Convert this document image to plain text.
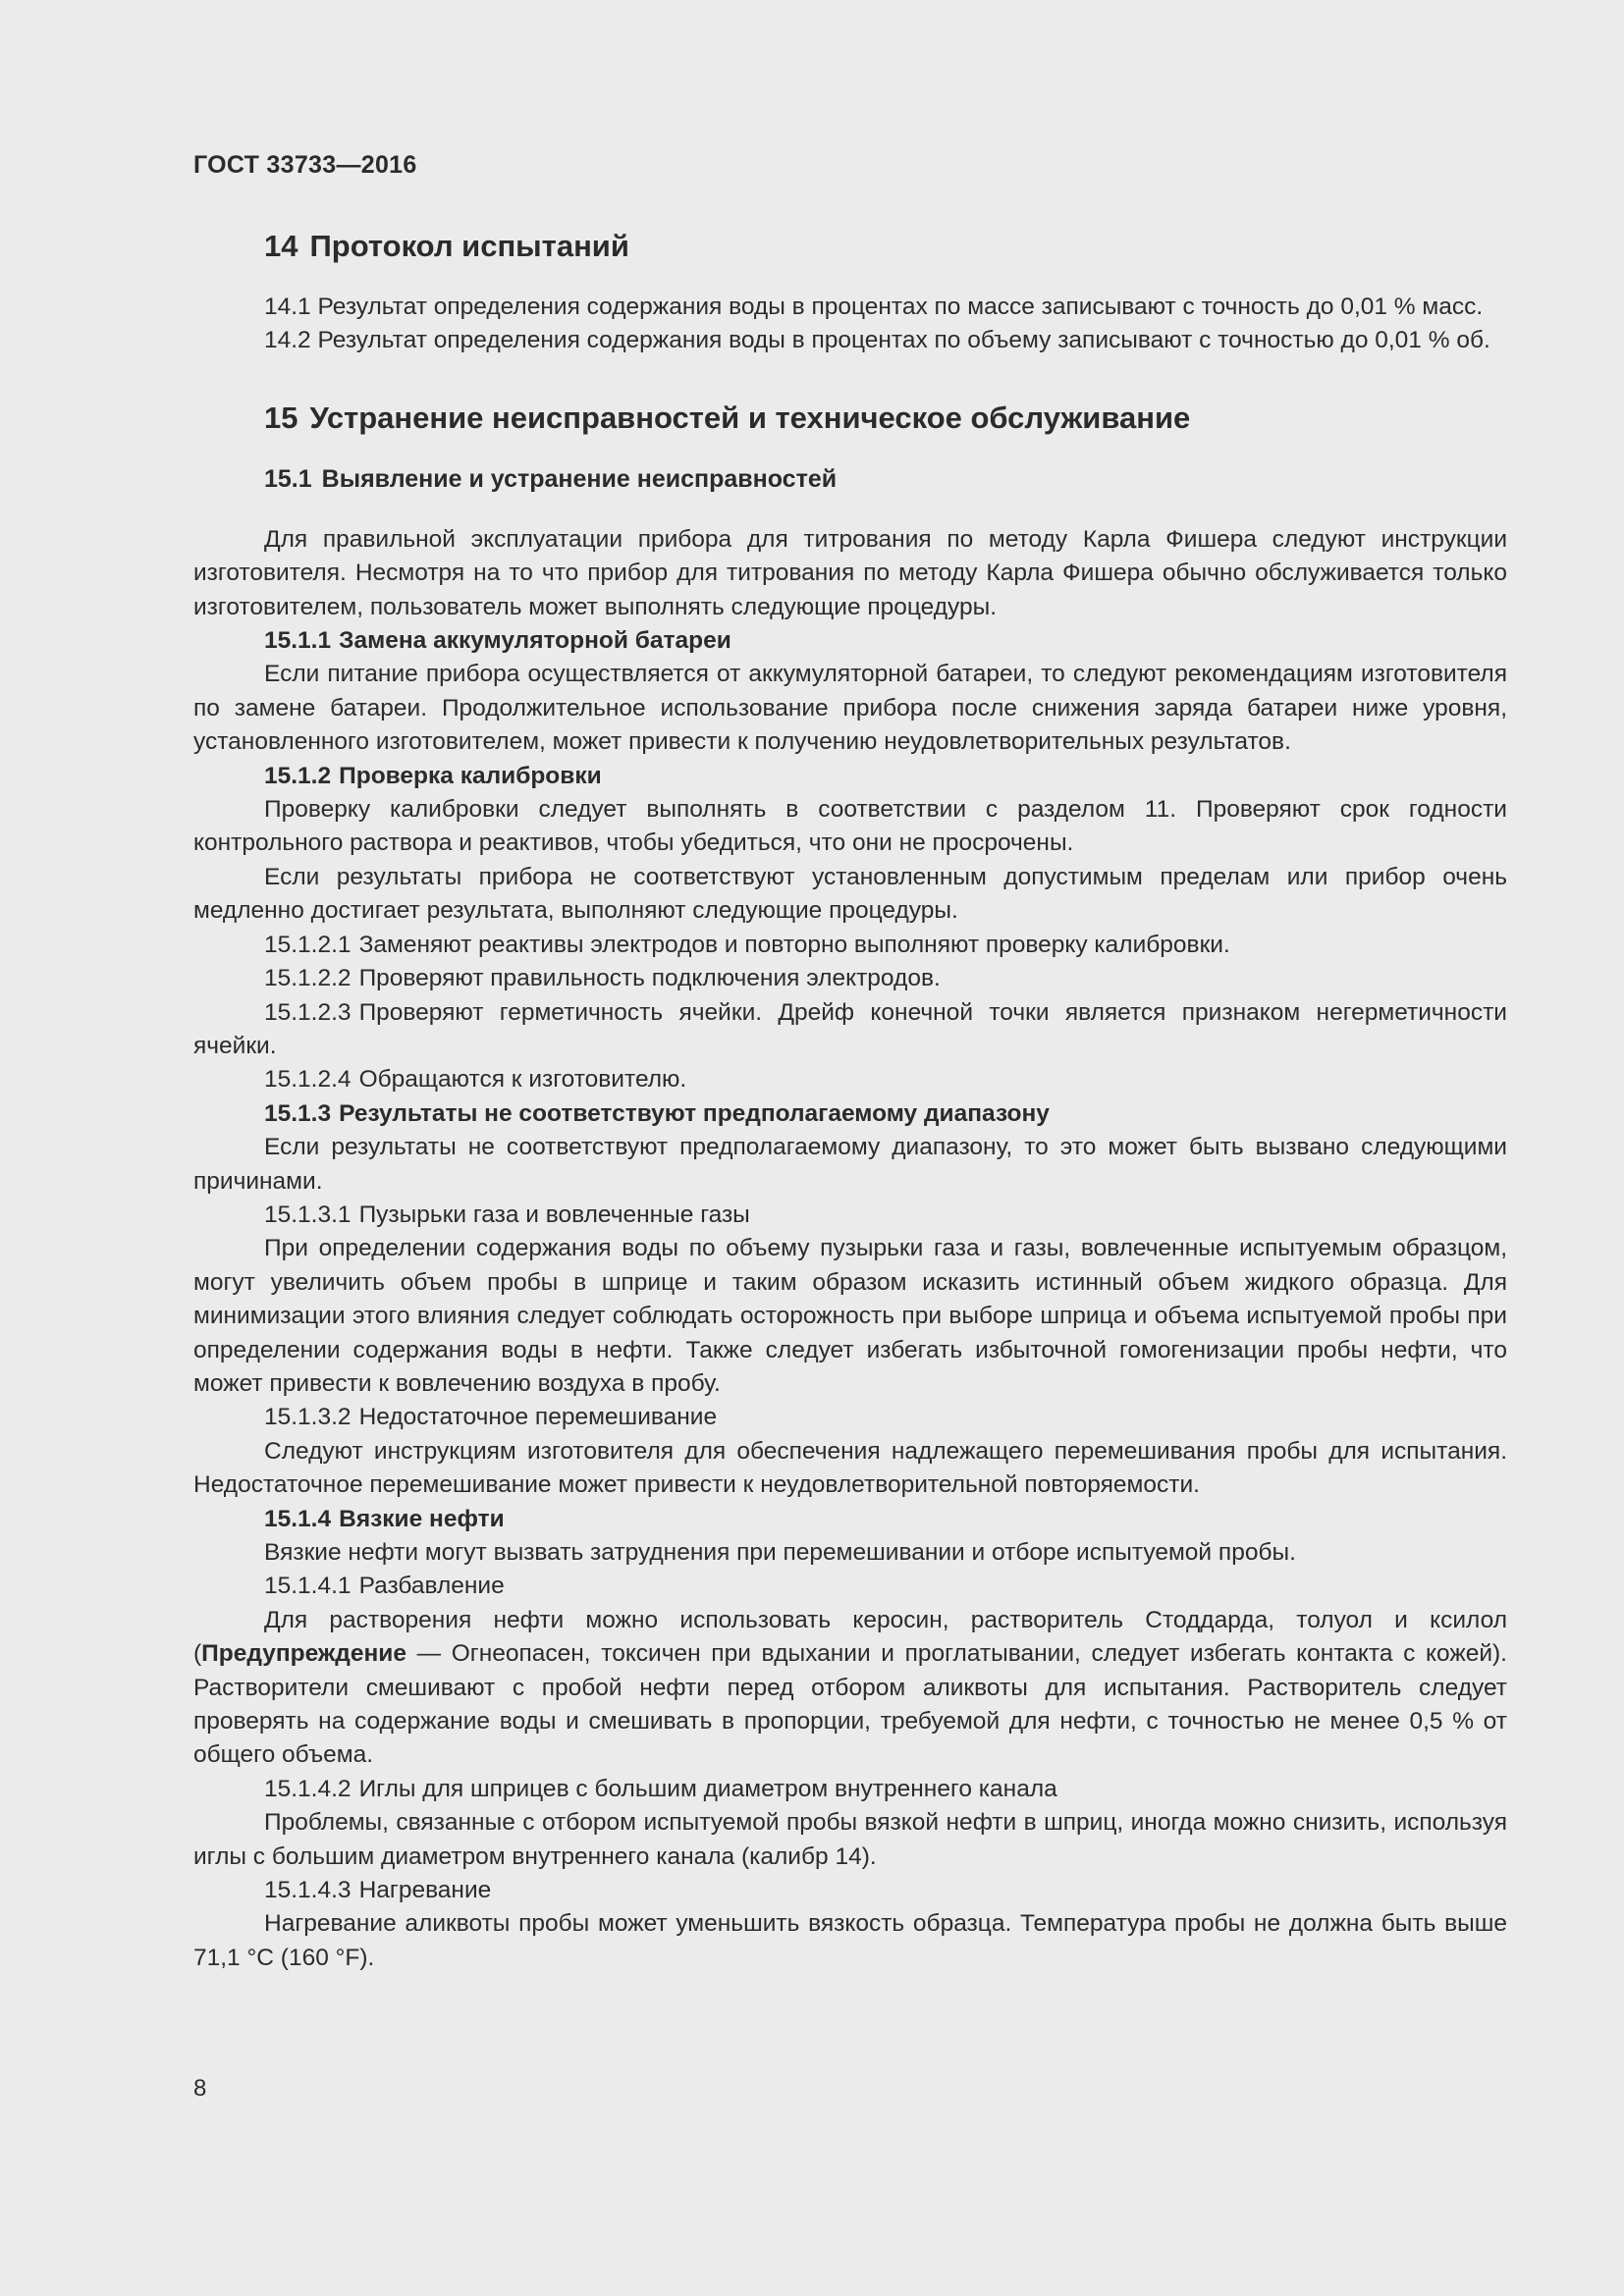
ГОСТ 33733—2016
14 Протокол испытаний

14.1 Результат определения содержания воды в процентах по массе записывают с точность до 0,01 % масс.

14.2 Результат определения содержания воды в процентах по объему записывают с точностью до 0,01 % об.

15 Устранение неисправностей и техническое обслуживание
15.1 Выявление и устранение неисправностей

Для правильной эксплуатации прибора для титрования по методу Карла Фишера следуют инструкции изготовителя. Несмотря на то что прибор для титрования по методу Карла Фишера обычно обслуживается только изготовителем, пользователь может выполнять следующие процедуры.

15.1.1 Замена аккумуляторной батареи

Если питание прибора осуществляется от аккумуляторной батареи, то следуют рекомендациям изготовителя по замене батареи. Продолжительное использование прибора после снижения заряда батареи ниже уровня, установленного изготовителем, может привести к получению неудовлетворительных результатов.

15.1.2 Проверка калибровки

Проверку калибровки следует выполнять в соответствии с разделом 11. Проверяют срок годности контрольного раствора и реактивов, чтобы убедиться, что они не просрочены.

Если результаты прибора не соответствуют установленным допустимым пределам или прибор очень медленно достигает результата, выполняют следующие процедуры.

15.1.2.1 Заменяют реактивы электродов и повторно выполняют проверку калибровки.

15.1.2.2 Проверяют правильность подключения электродов.

15.1.2.3 Проверяют герметичность ячейки. Дрейф конечной точки является признаком негерметичности ячейки.

15.1.2.4 Обращаются к изготовителю.

15.1.3 Результаты не соответствуют предполагаемому диапазону

Если результаты не соответствуют предполагаемому диапазону, то это может быть вызвано следующими причинами.

15.1.3.1 Пузырьки газа и вовлеченные газы

При определении содержания воды по объему пузырьки газа и газы, вовлеченные испытуемым образцом, могут увеличить объем пробы в шприце и таким образом исказить истинный объем жидкого образца. Для минимизации этого влияния следует соблюдать осторожность при выборе шприца и объема испытуемой пробы при определении содержания воды в нефти. Также следует избегать избыточной гомогенизации пробы нефти, что может привести к вовлечению воздуха в пробу.

15.1.3.2 Недостаточное перемешивание

Следуют инструкциям изготовителя для обеспечения надлежащего перемешивания пробы для испытания. Недостаточное перемешивание может привести к неудовлетворительной повторяемости.

15.1.4 Вязкие нефти

Вязкие нефти могут вызвать затруднения при перемешивании и отборе испытуемой пробы.

15.1.4.1 Разбавление

Для растворения нефти можно использовать керосин, растворитель Стоддарда, толуол и ксилол (Предупреждение — Огнеопасен, токсичен при вдыхании и проглатывании, следует избегать контакта с кожей). Растворители смешивают с пробой нефти перед отбором аликвоты для испытания. Растворитель следует проверять на содержание воды и смешивать в пропорции, требуемой для нефти, с точностью не менее 0,5 % от общего объема.

15.1.4.2 Иглы для шприцев с большим диаметром внутреннего канала

Проблемы, связанные с отбором испытуемой пробы вязкой нефти в шприц, иногда можно снизить, используя иглы с большим диаметром внутреннего канала (калибр 14).

15.1.4.3 Нагревание

Нагревание аликвоты пробы может уменьшить вязкость образца. Температура пробы не должна быть выше 71,1 °С (160 °F).

8
